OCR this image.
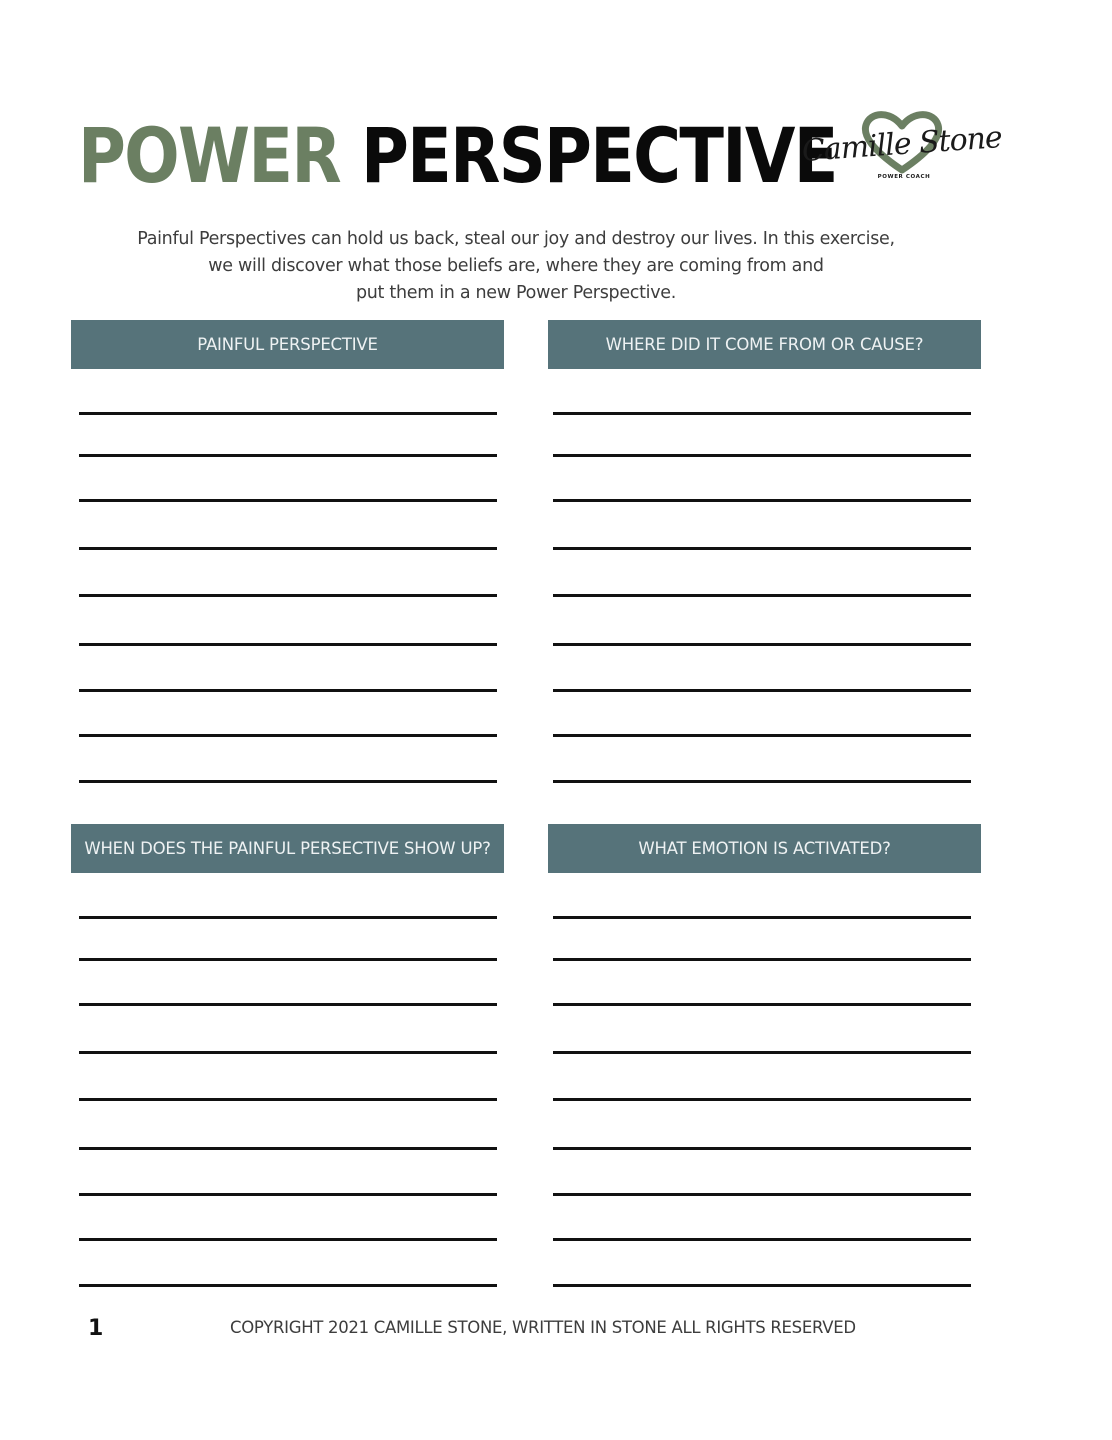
POWER PERSPECTIVE
Camille Stone
POWER COACH
Painful Perspectives can hold us back, steal our joy and destroy our lives. In this exercise,
we will discover what those beliefs are, where they are coming from and
put them in a new Power Perspective.
PAINFUL PERSPECTIVE	WHERE DID IT COME FROM OR CAUSE?
WHEN DOES THE PAINFUL PERSECTIVE SHOW UP?	WHAT EMOTION IS ACTIVATED?
1	COPYRIGHT 2021 CAMILLE STONE, WRITTEN IN STONE ALL RIGHTS RESERVED
